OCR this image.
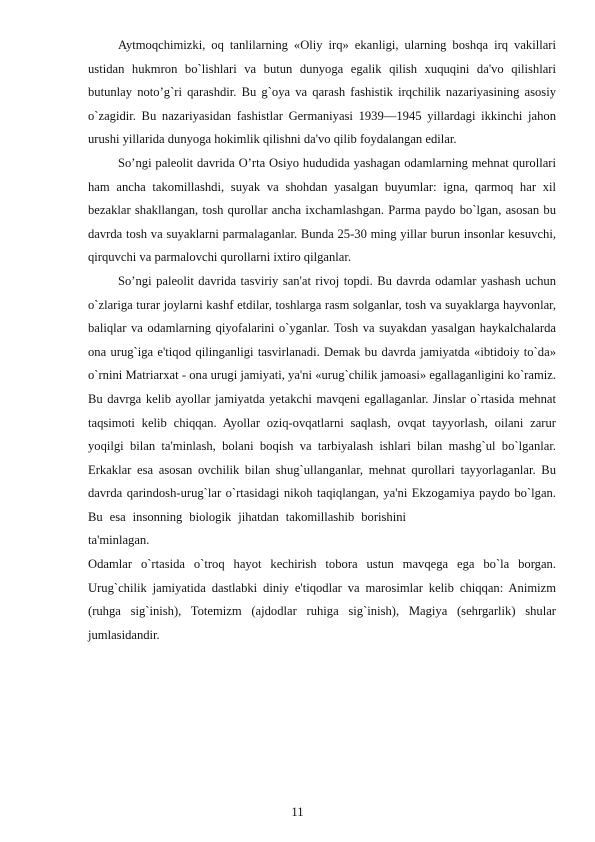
Aytmoqchimizki, oq tanlilarning «Oliy irq» ekanligi, ularning boshqa irq vakillari ustidan hukmron bo`lishlari va butun dunyoga egalik qilish xuquqini da'vo qilishlari butunlay noto’g`ri qarashdir. Bu g`oya va qarash fashistik irqchilik nazariyasining asosiy o`zagidir. Bu nazariyasidan fashistlar Germaniyasi 1939—1945 yillardagi ikkinchi jahon urushi yillarida dunyoga hokimlik qilishni da'vo qilib foydalangan edilar.

So’ngi paleolit davrida O’rta Osiyo hududida yashagan odamlarning mehnat qurollari ham ancha takomillashdi, suyak va shohdan yasalgan buyumlar: igna, qarmoq har xil bezaklar shakllangan, tosh qurollar ancha ixchamlashgan. Parma paydo bo`lgan, asosan bu davrda tosh va suyaklarni parmalaganlar. Bunda 25-30 ming yillar burun insonlar kesuvchi, qirquvchi va parmalovchi qurollarni ixtiro qilganlar.

So’ngi paleolit davrida tasviriy san'at rivoj topdi. Bu davrda odamlar yashash uchun o`zlariga turar joylarni kashf etdilar, toshlarga rasm solganlar, tosh va suyaklarga hayvonlar, baliqlar va odamlarning qiyofalarini o`yganlar. Tosh va suyakdan yasalgan haykalchalarda ona urug`iga e'tiqod qilinganligi tasvirlanadi. Demak bu davrda jamiyatda «ibtidoiy to`da» o`rnini Matriarxat - ona urugi jamiyati, ya'ni «urug`chilik jamoasi» egallaganligini ko`ramiz. Bu davrga kelib ayollar jamiyatda yetakchi mavqeni egallaganlar. Jinslar o`rtasida mehnat taqsimoti kelib chiqqan. Ayollar oziq-ovqatlarni saqlash, ovqat tayyorlash, oilani zarur yoqilgi bilan ta'minlash, bolani boqish va tarbiyalash ishlari bilan mashg`ul bo`lganlar. Erkaklar esa asosan ovchilik bilan shug`ullanganlar, mehnat qurollari tayyorlaganlar. Bu davrda qarindosh-urug`lar o`rtasidagi nikoh taqiqlangan, ya'ni Ekzogamiya paydo bo`lgan. Bu esa insonning biologik jihatdan takomillashib borishinita'minlagan.

Odamlar o`rtasida o`troq hayot kechirish tobora ustun mavqega ega bo`la borgan. Urug`chilik jamiyatida dastlabki diniy e'tiqodlar va marosimlar kelib chiqqan: Animizm (ruhga sig`inish), Totemizm (ajdodlar ruhiga sig`inish), Magiya (sehrgarlik) shular jumlasidandir.

11
